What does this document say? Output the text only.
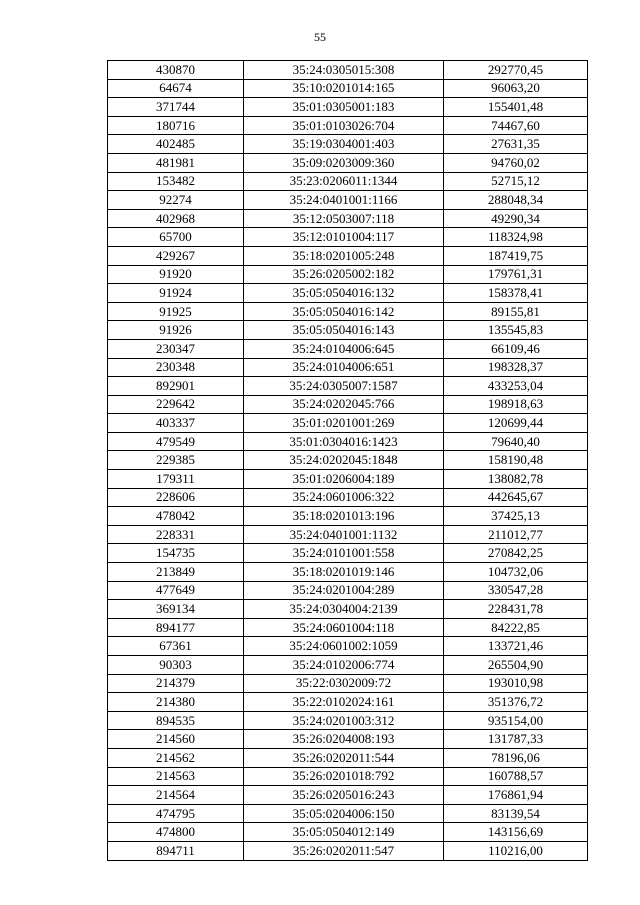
55
430870	35:24:0305015:308	292770,45
64674	35:10:0201014:165	96063,20
371744	35:01:0305001:183	155401,48
180716	35:01:0103026:704	74467,60
402485	35:19:0304001:403	27631,35
481981	35:09:0203009:360	94760,02
153482	35:23:0206011:1344	52715,12
92274	35:24:0401001:1166	288048,34
402968	35:12:0503007:118	49290,34
65700	35:12:0101004:117	118324,98
429267	35:18:0201005:248	187419,75
91920	35:26:0205002:182	179761,31
91924	35:05:0504016:132	158378,41
91925	35:05:0504016:142	89155,81
91926	35:05:0504016:143	135545,83
230347	35:24:0104006:645	66109,46
230348	35:24:0104006:651	198328,37
892901	35:24:0305007:1587	433253,04
229642	35:24:0202045:766	198918,63
403337	35:01:0201001:269	120699,44
479549	35:01:0304016:1423	79640,40
229385	35:24:0202045:1848	158190,48
179311	35:01:0206004:189	138082,78
228606	35:24:0601006:322	442645,67
478042	35:18:0201013:196	37425,13
228331	35:24:0401001:1132	211012,77
154735	35:24:0101001:558	270842,25
213849	35:18:0201019:146	104732,06
477649	35:24:0201004:289	330547,28
369134	35:24:0304004:2139	228431,78
894177	35:24:0601004:118	84222,85
67361	35:24:0601002:1059	133721,46
90303	35:24:0102006:774	265504,90
214379	35:22:0302009:72	193010,98
214380	35:22:0102024:161	351376,72
894535	35:24:0201003:312	935154,00
214560	35:26:0204008:193	131787,33
214562	35:26:0202011:544	78196,06
214563	35:26:0201018:792	160788,57
214564	35:26:0205016:243	176861,94
474795	35:05:0204006:150	83139,54
474800	35:05:0504012:149	143156,69
894711	35:26:0202011:547	110216,00
